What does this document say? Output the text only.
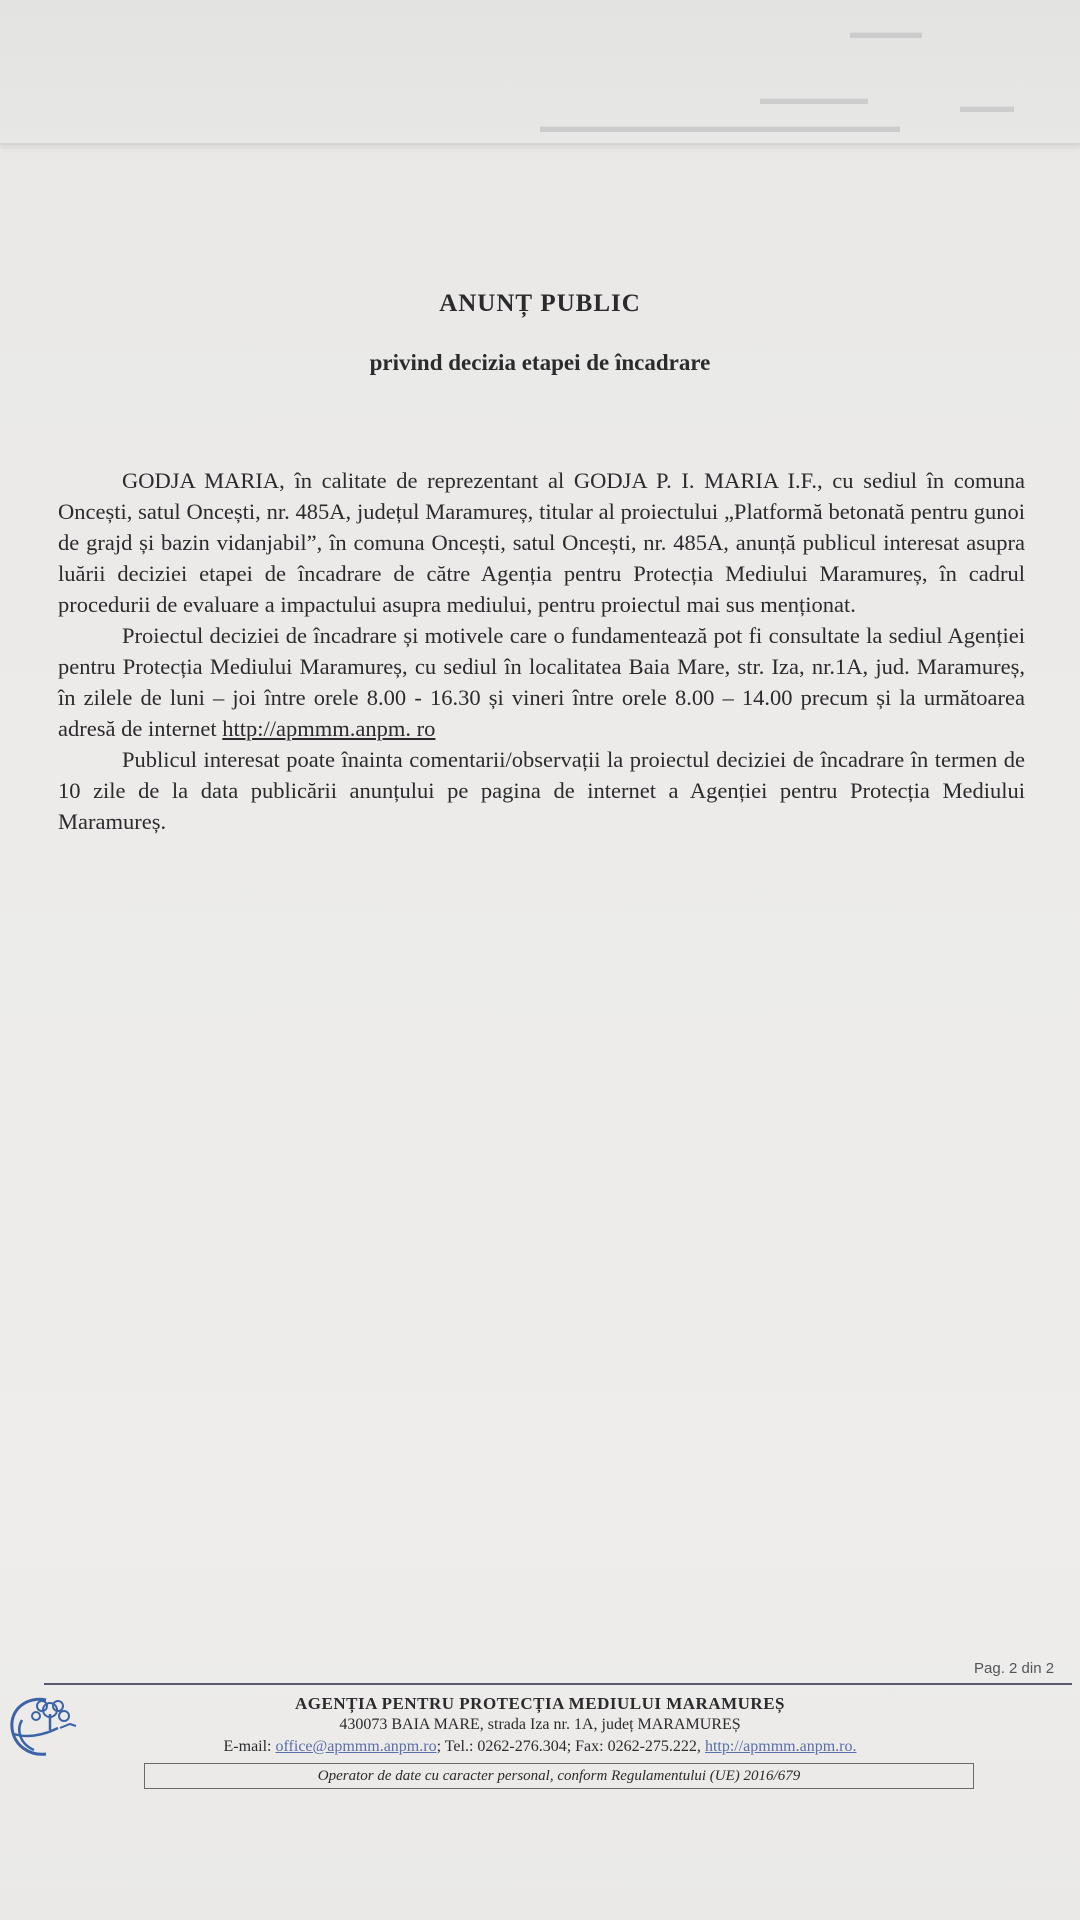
▬▬▬▬
▬▬▬▬▬▬	▬▬▬
▬▬▬▬▬▬▬▬▬▬▬▬▬▬▬▬▬▬▬▬
ANUNȚ PUBLIC
privind decizia etapei de încadrare

GODJA MARIA, în calitate de reprezentant al GODJA P. I. MARIA I.F., cu sediul în comuna Oncești, satul Oncești, nr. 485A, județul Maramureș, titular al proiectului „Platformă betonată pentru gunoi de grajd și bazin vidanjabil”, în comuna Oncești, satul Oncești, nr. 485A, anunță publicul interesat asupra luării deciziei etapei de încadrare de către Agenția pentru Protecția Mediului Maramureș, în cadrul procedurii de evaluare a impactului asupra mediului, pentru proiectul mai sus menționat.

Proiectul deciziei de încadrare și motivele care o fundamentează pot fi consultate la sediul Agenției pentru Protecția Mediului Maramureș, cu sediul în localitatea Baia Mare, str. Iza, nr.1A, jud. Maramureș, în zilele de luni – joi între orele 8.00 - 16.30 și vineri între orele 8.00 – 14.00 precum și la următoarea adresă de internet http://apmmm.anpm. ro

Publicul interesat poate înainta comentarii/observații la proiectul deciziei de încadrare în termen de 10 zile de la data publicării anunțului pe pagina de internet a Agenției pentru Protecția Mediului Maramureș.

Pag. 2 din 2
AGENȚIA PENTRU PROTECȚIA MEDIULUI MARAMUREȘ
430073 BAIA MARE, strada Iza nr. 1A, județ MARAMUREȘ
E-mail: office@apmmm.anpm.ro; Tel.: 0262-276.304; Fax: 0262-275.222, http://apmmm.anpm.ro.
Operator de date cu caracter personal, conform Regulamentului (UE) 2016/679
